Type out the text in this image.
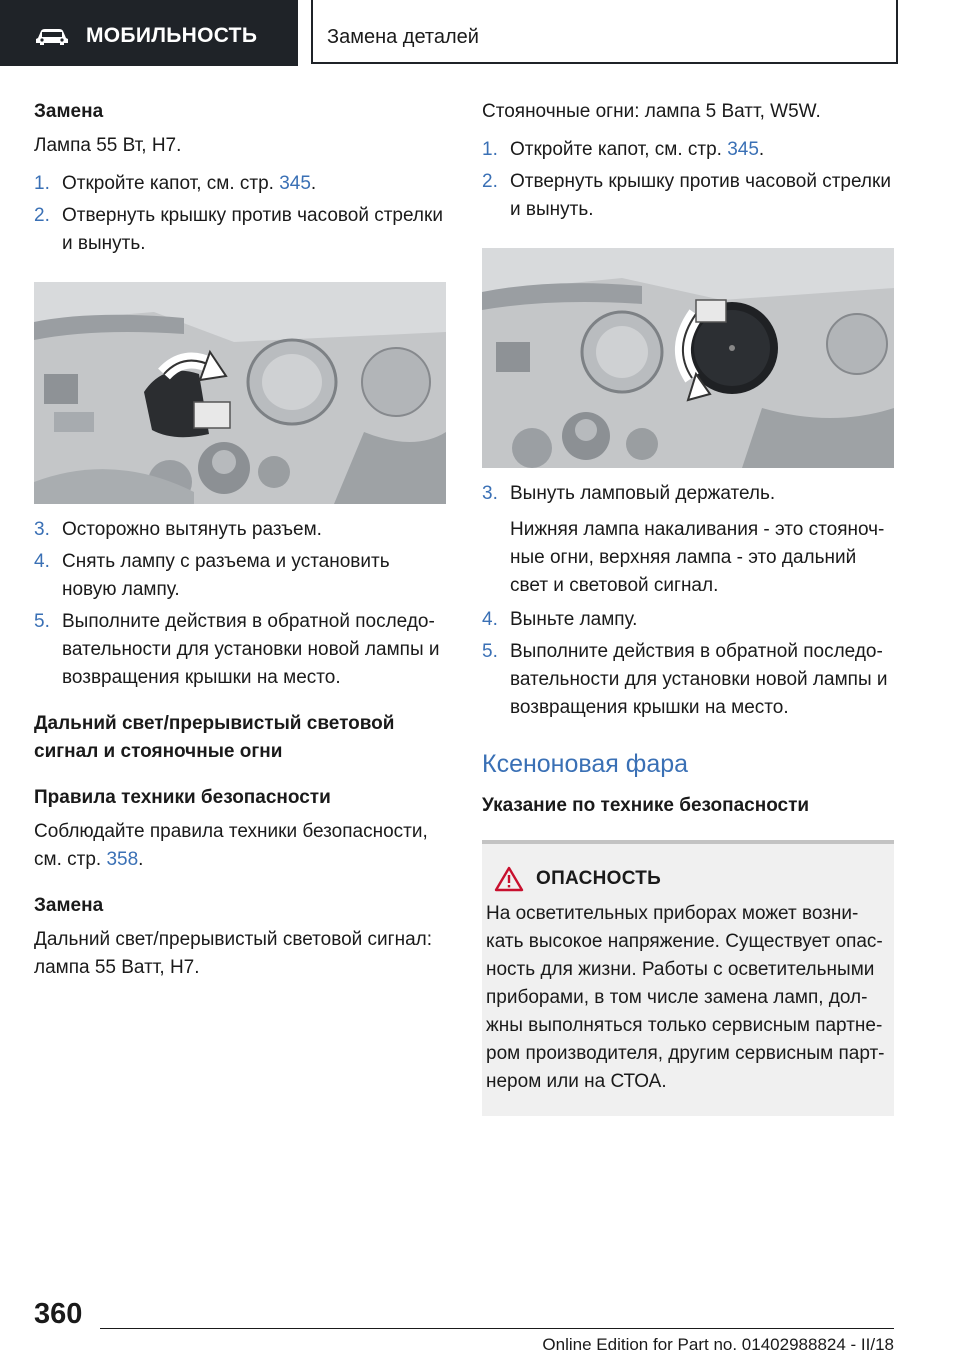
МОБИЛЬНОСТЬ	Замена деталей

Замена

Лампа 55 Вт, H7.

1. Откройте капот, см. стр. 345.

2. Отвернуть крышку против часовой стрелки и вынуть.

3. Осторожно вытянуть разъем.

4. Снять лампу с разъема и установить новую лампу.

5. Выполните действия в обратной последо-вательности для установки новой лампы и возвращения крышки на место.

Дальний свет/прерывистый световой сигнал и стояночные огни

Правила техники безопасности

Соблюдайте правила техники безопасности, см. стр. 358.

Замена

Дальний свет/прерывистый световой сигнал: лампа 55 Ватт, H7.

Стояночные огни: лампа 5 Ватт, W5W.

1. Откройте капот, см. стр. 345.

2. Отвернуть крышку против часовой стрелки и вынуть.

3. Вынуть ламповый держатель.

Нижняя лампа накаливания - это стояноч-ные огни, верхняя лампа - это дальний свет и световой сигнал.

4. Выньте лампу.

5. Выполните действия в обратной последо-вательности для установки новой лампы и возвращения крышки на место.

Ксеноновая фара

Указание по технике безопасности

ОПАСНОСТЬ

На осветительных приборах может возни-кать высокое напряжение. Существует опас-ность для жизни. Работы с осветительными приборами, в том числе замена ламп, дол-жны выполняться только сервисным партне-ром производителя, другим сервисным парт-нером или на СТОА.

360
Online Edition for Part no. 01402988824 - II/18
